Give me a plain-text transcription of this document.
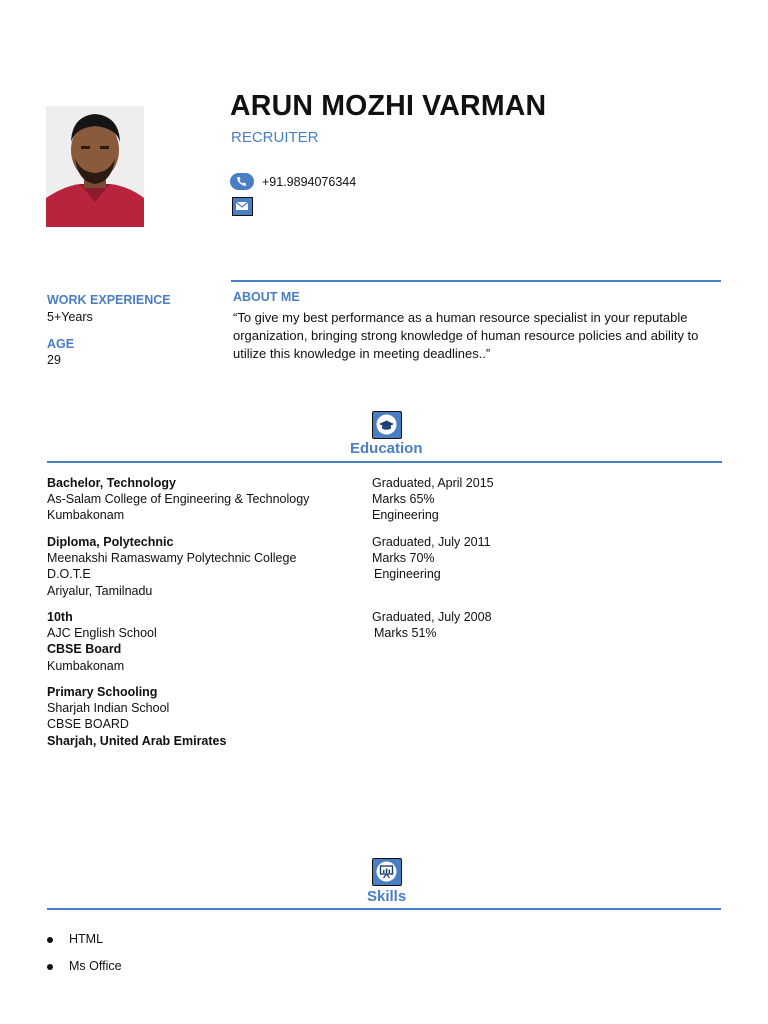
ARUN MOZHI VARMAN
RECRUITER
+91.9894076344
WORK EXPERIENCE
5+Years
AGE
29
ABOUT ME
“To give my best performance as a human resource specialist in your reputable
organization, bringing strong knowledge of human resource policies and ability to
utilize this knowledge in meeting deadlines..”
Education
Bachelor, Technology
As-Salam College of Engineering & Technology
Kumbakonam
Graduated, April 2015
Marks 65%
Engineering
Diploma, Polytechnic
Meenakshi Ramaswamy Polytechnic College
D.O.T.E
Ariyalur, Tamilnadu
Graduated, July 2011
Marks 70%
Engineering
10th
AJC English School
CBSE Board
Kumbakonam
Graduated, July 2008
Marks 51%
Primary Schooling
Sharjah Indian School
CBSE BOARD
Sharjah, United Arab Emirates
Skills
HTML
Ms Office
